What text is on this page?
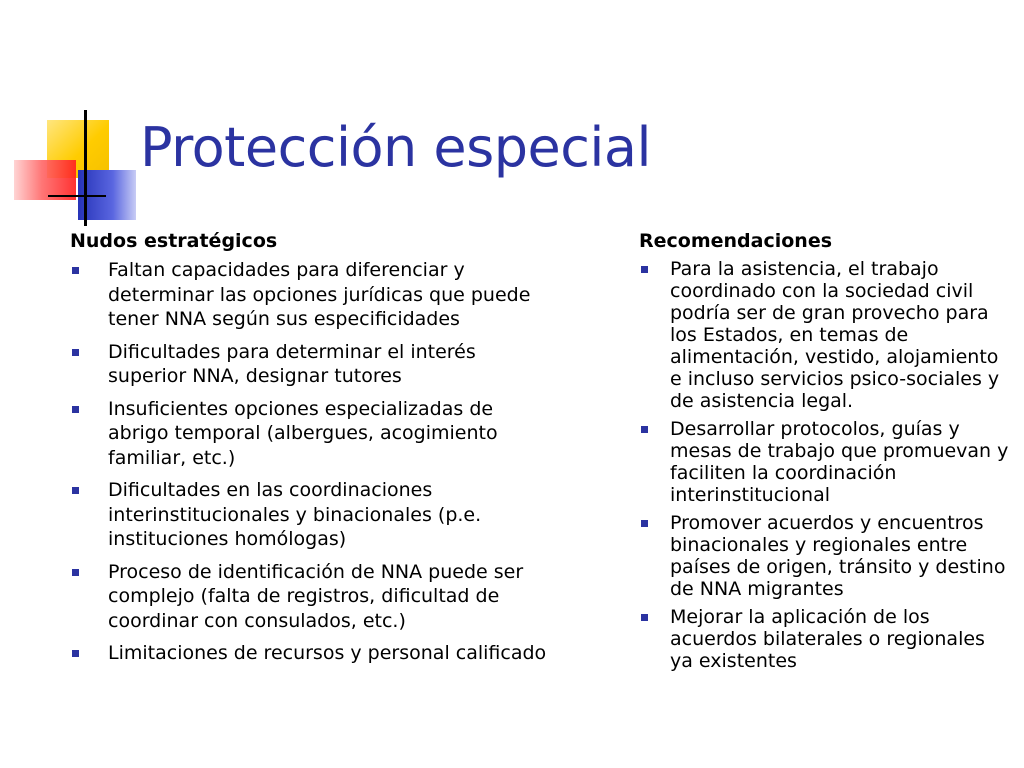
Protección especial
Nudos estratégicos
Faltan capacidades para diferenciar y determinar las opciones jurídicas que puede tener NNA según sus especificidades
Dificultades para determinar el interés superior NNA, designar tutores
Insuficientes opciones especializadas de abrigo temporal (albergues, acogimiento familiar, etc.)
Dificultades en las coordinaciones interinstitucionales y binacionales (p.e. instituciones homólogas)
Proceso de identificación de NNA puede ser complejo (falta de registros, dificultad de coordinar con consulados, etc.)
Limitaciones de recursos y personal calificado
Recomendaciones
Para la asistencia, el trabajo coordinado con la sociedad civil podría ser de gran provecho para los Estados, en temas de alimentación, vestido, alojamiento e incluso servicios psico-sociales y de asistencia legal.
Desarrollar protocolos, guías y mesas de trabajo que promuevan y faciliten la coordinación interinstitucional
Promover acuerdos y encuentros binacionales y regionales entre países de origen, tránsito y destino de NNA migrantes
Mejorar la aplicación de los acuerdos bilaterales o regionales ya existentes
